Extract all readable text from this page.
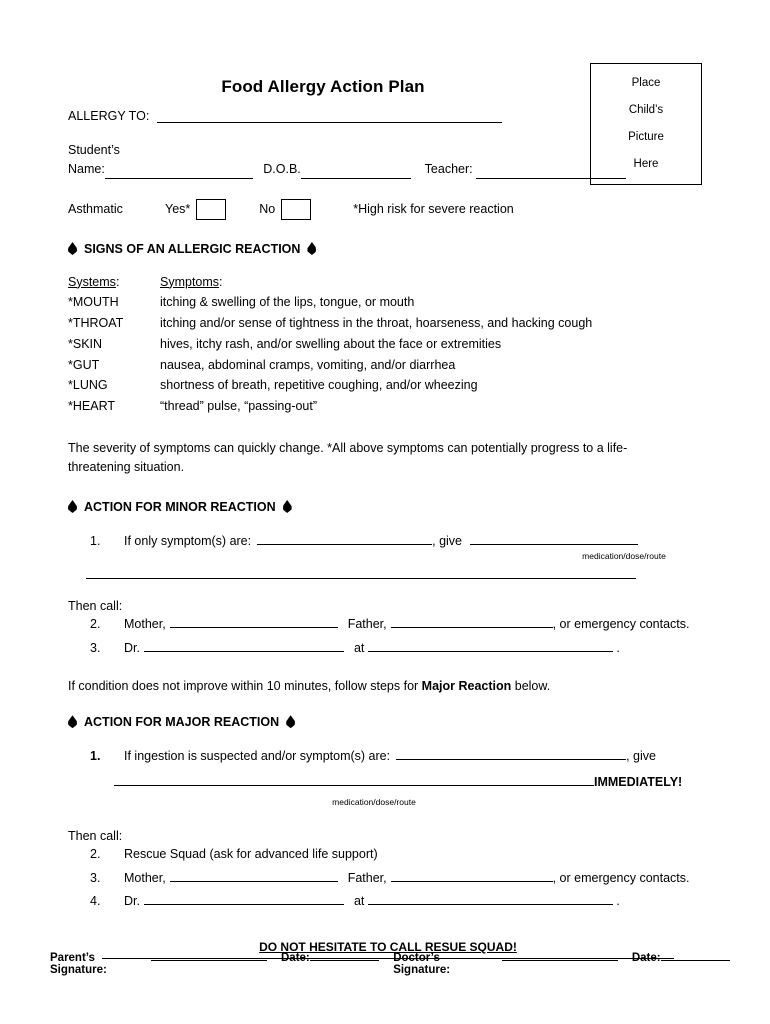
Food Allergy Action Plan	Place
Child’s
Picture
Here
ALLERGY TO:
Student’s
Name:	D.O.B.	Teacher:
Asthmatic	Yes*	No	*High risk for severe reaction
SIGNS OF AN ALLERGIC REACTION
Systems:	Symptoms:
*MOUTH	itching & swelling of the lips, tongue, or mouth
*THROAT	itching and/or sense of tightness in the throat, hoarseness, and hacking cough
*SKIN	hives, itchy rash, and/or swelling about the face or extremities
*GUT	nausea, abdominal cramps, vomiting, and/or diarrhea
*LUNG	shortness of breath, repetitive coughing, and/or wheezing
*HEART	“thread” pulse, “passing-out”
The severity of symptoms can quickly change. *All above symptoms can potentially progress to a life-threatening situation.
ACTION FOR MINOR REACTION
1.	If only symptom(s) are:	, give
medication/dose/route
Then call:
2.	Mother,	Father,	, or emergency contacts.
3.	Dr.	at	.
If condition does not improve within 10 minutes, follow steps for Major Reaction below.
ACTION FOR MAJOR REACTION
1.	If ingestion is suspected and/or symptom(s) are:	, give
IMMEDIATELY!
medication/dose/route
Then call:
2.	Rescue Squad (ask for advanced life support)
3.	Mother,	Father,	, or emergency contacts.
4.	Dr.	at	.
DO NOT HESITATE TO CALL RESUE SQUAD!
Parent’s Signature:
Date:	Doctor’s Signature:
Date:
